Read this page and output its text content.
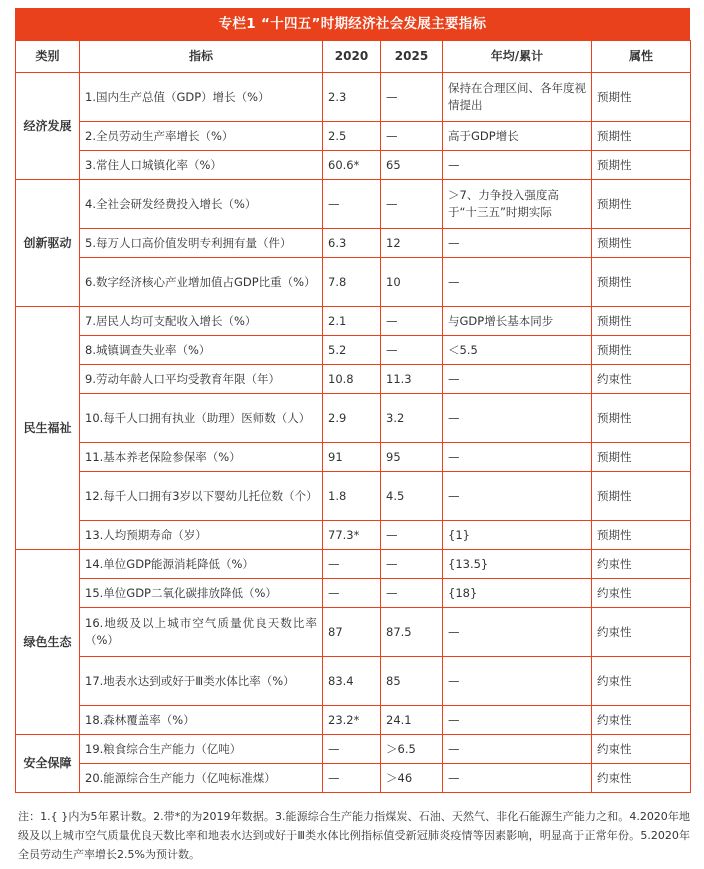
专栏1 “十四五”时期经济社会发展主要指标
类别	指标	2020	2025	年均/累计	属性
经济发展	1.国内生产总值（GDP）增长（%）	2.3	—	保持在合理区间、各年度视情提出	预期性
	2.全员劳动生产率增长（%）	2.5	—	高于GDP增长	预期性
	3.常住人口城镇化率（%）	60.6*	65	—	预期性
创新驱动	4.全社会研发经费投入增长（%）	—	—	＞7、力争投入强度高于“十三五”时期实际	预期性
	5.每万人口高价值发明专利拥有量（件）	6.3	12	—	预期性
	6.数字经济核心产业增加值占GDP比重（%）	7.8	10	—	预期性
民生福祉	7.居民人均可支配收入增长（%）	2.1	—	与GDP增长基本同步	预期性
	8.城镇调查失业率（%）	5.2	—	＜5.5	预期性
	9.劳动年龄人口平均受教育年限（年）	10.8	11.3	—	约束性
	10.每千人口拥有执业（助理）医师数（人）	2.9	3.2	—	预期性
	11.基本养老保险参保率（%）	91	95	—	预期性
	12.每千人口拥有3岁以下婴幼儿托位数（个）	1.8	4.5	—	预期性
	13.人均预期寿命（岁）	77.3*	—	{1}	预期性
绿色生态	14.单位GDP能源消耗降低（%）	—	—	{13.5}	约束性
	15.单位GDP二氧化碳排放降低（%）	—	—	{18}	约束性
	16.地级及以上城市空气质量优良天数比率（%）	87	87.5	—	约束性
	17.地表水达到或好于Ⅲ类水体比率（%）	83.4	85	—	约束性
	18.森林覆盖率（%）	23.2*	24.1	—	约束性
安全保障	19.粮食综合生产能力（亿吨）	—	＞6.5	—	约束性
	20.能源综合生产能力（亿吨标准煤）	—	＞46	—	约束性
注：1.{ }内为5年累计数。2.带*的为2019年数据。3.能源综合生产能力指煤炭、石油、天然气、非化石能源生产能力之和。4.2020年地级及以上城市空气质量优良天数比率和地表水达到或好于Ⅲ类水体比例指标值受新冠肺炎疫情等因素影响，明显高于正常年份。5.2020年全员劳动生产率增长2.5%为预计数。
